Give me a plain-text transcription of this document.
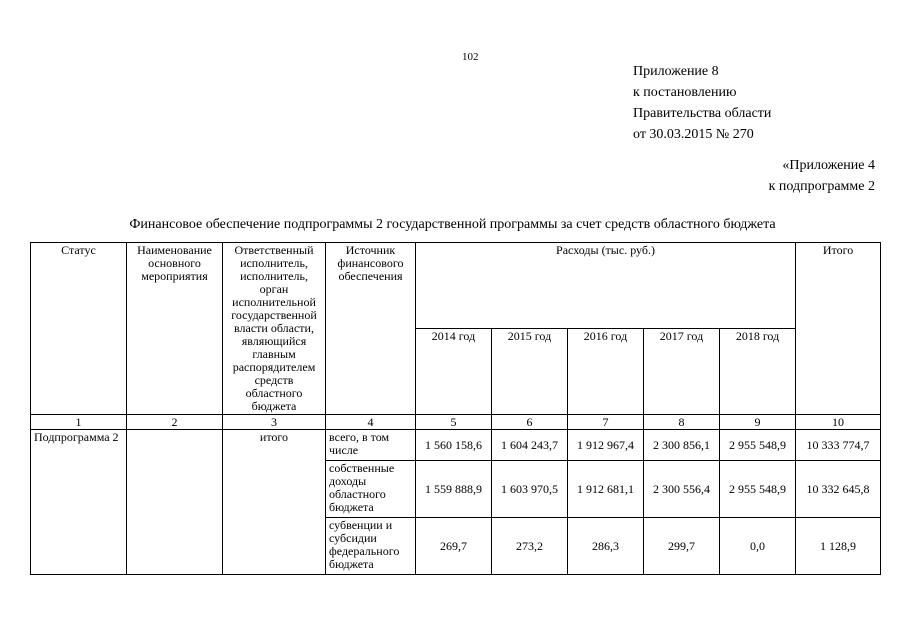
102
Приложение 8
к постановлению
Правительства области
от 30.03.2015 № 270
«Приложение 4
к подпрограмме 2
Финансовое обеспечение подпрограммы 2 государственной программы за счет средств областного бюджета
Статус	Наименование основного мероприятия	Ответственный исполнитель, исполнитель, орган исполнительной государственной власти области, являющийся главным распорядителем средств областного бюджета	Источник финансового обеспечения	Расходы (тыс. руб.)					Итого
				2014 год	2015 год	2016 год	2017 год	2018 год	
1	2	3	4	5	6	7	8	9	10
Подпрограмма 2		итого	всего, в том числе	1 560 158,6	1 604 243,7	1 912 967,4	2 300 856,1	2 955 548,9	10 333 774,7
			собственные доходы областного бюджета	1 559 888,9	1 603 970,5	1 912 681,1	2 300 556,4	2 955 548,9	10 332 645,8
			субвенции и субсидии федерального бюджета	269,7	273,2	286,3	299,7	0,0	1 128,9
